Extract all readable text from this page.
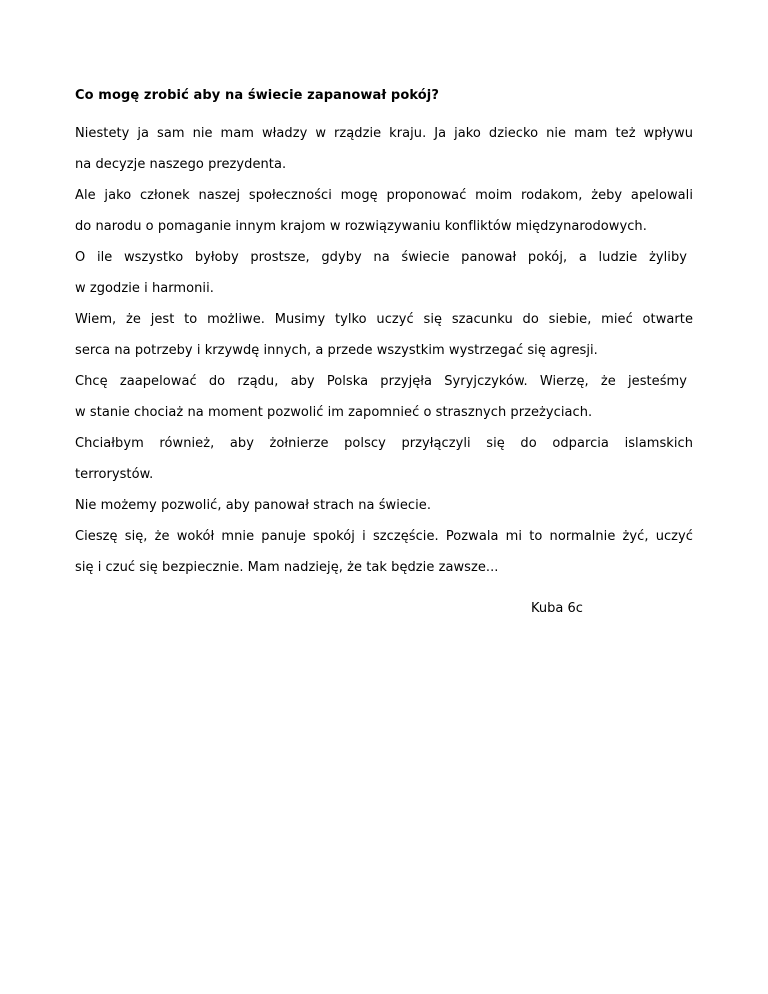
Co mogę zrobić aby na świecie zapanował pokój?
Niestety ja sam nie mam władzy w rządzie kraju. Ja jako dziecko nie mam też wpływu
na decyzje naszego prezydenta.
Ale jako członek naszej społeczności mogę proponować moim rodakom, żeby apelowali
do narodu o pomaganie innym krajom w rozwiązywaniu konfliktów międzynarodowych.
O ile wszystko byłoby prostsze, gdyby na świecie panował pokój, a ludzie żyliby
w zgodzie i harmonii.
Wiem, że jest to możliwe. Musimy tylko uczyć się szacunku do siebie, mieć otwarte
serca na potrzeby i krzywdę innych, a przede wszystkim wystrzegać się agresji.
Chcę zaapelować do rządu, aby Polska przyjęła Syryjczyków. Wierzę, że jesteśmy
w stanie chociaż na moment pozwolić im zapomnieć o strasznych przeżyciach.
Chciałbym również, aby żołnierze polscy przyłączyli się do odparcia islamskich
terrorystów.
Nie możemy pozwolić, aby panował strach na świecie.
Cieszę się, że wokół mnie panuje spokój i szczęście. Pozwala mi to normalnie żyć, uczyć
się i czuć się bezpiecznie. Mam nadzieję, że tak będzie zawsze...
Kuba 6c
